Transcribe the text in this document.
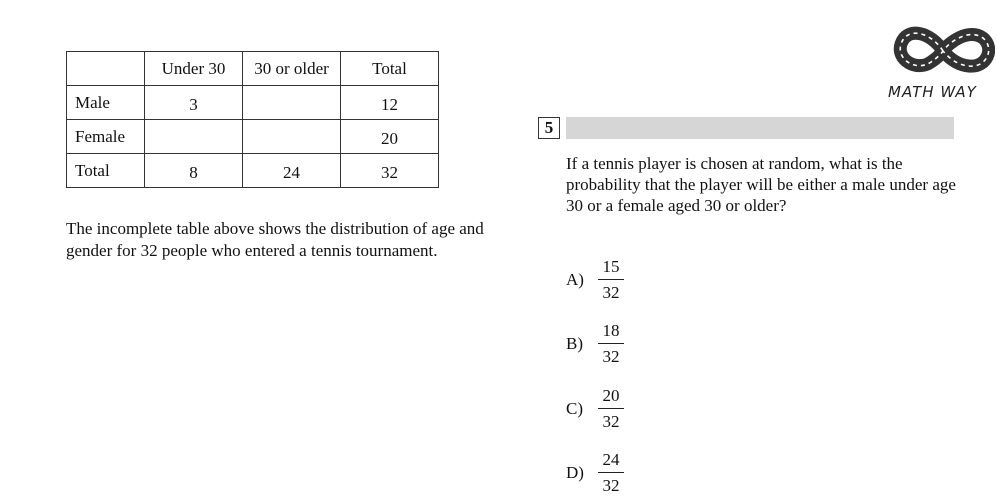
	Under 30	30 or older	Total
Male	3		12
Female			20
Total	8	24	32
The incomplete table above shows the distribution of age and gender for 32 people who entered a tennis tournament.
5
If a tennis player is chosen at random, what is the probability that the player will be either a male under age 30 or a female aged 30 or older?
$A) \frac{15}{32}$
$B) \frac{18}{32}$
$C) \frac{20}{32}$
$D) \frac{24}{32}$
MATH WAY
